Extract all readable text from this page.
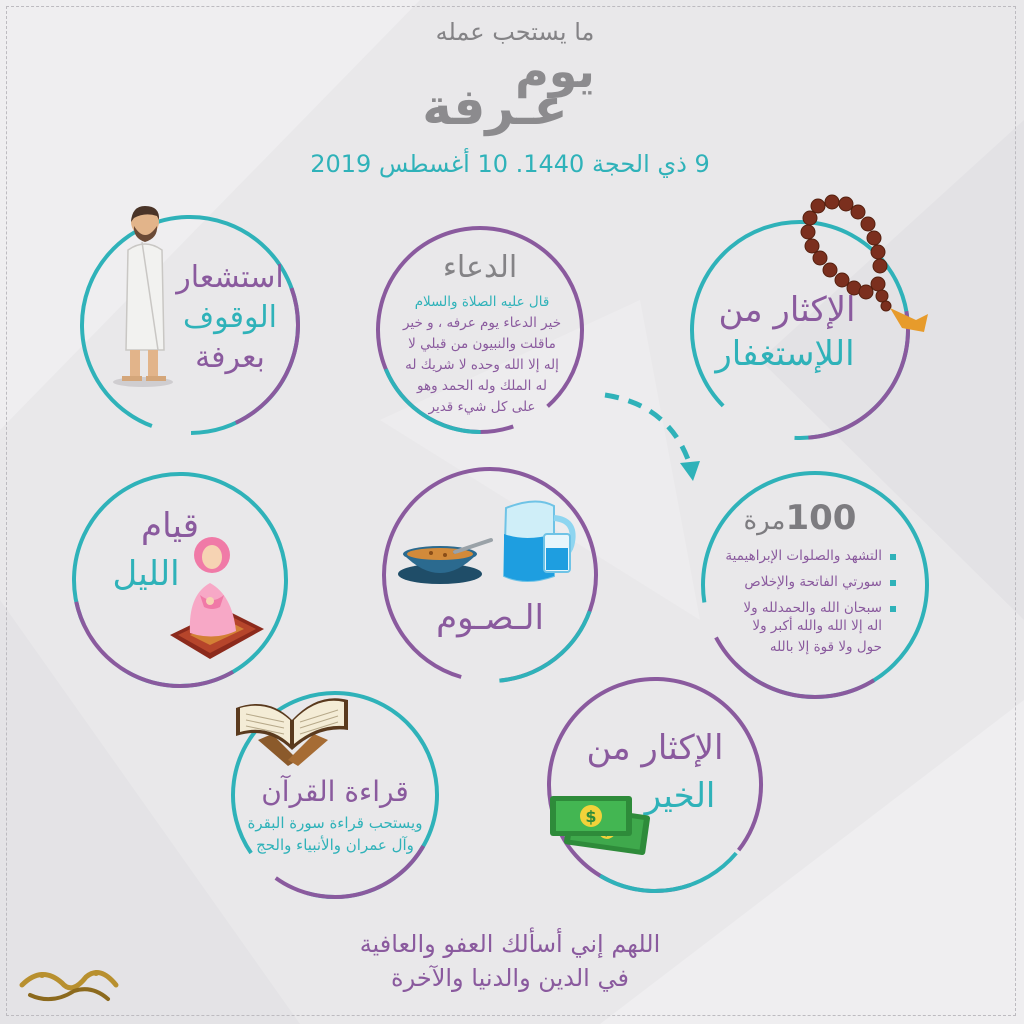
ما يستحب عمله
يوم
عـرفة
9 ذي الحجة 1440. 10 أغسطس 2019
استشعار
الوقوف
بعرفة
الدعاء
قال عليه الصلاة والسلام
خير الدعاء يوم عرفه ، و خير
ماقلت والنبيون من قبلي لا
إله إلا الله وحده لا شريك له
له الملك وله الحمد وهو
على كل شيء قدير
الإكثار من
اللإستغفار
قيام
الليل
الـصـوم
100مرة
التشهد والصلوات الإبراهيمية
سورتي الفاتحة والإخلاص
سبحان الله والحمدلله ولا
اله إلا الله والله أكبر ولا
حول ولا قوة إلا بالله
قراءة القرآن
ويستحب قراءة سورة البقرة
وآل عمران والأنبياء والحج
الإكثار من
الخير
$
اللهم إني أسألك العفو والعافية
في الدين والدنيا والآخرة
